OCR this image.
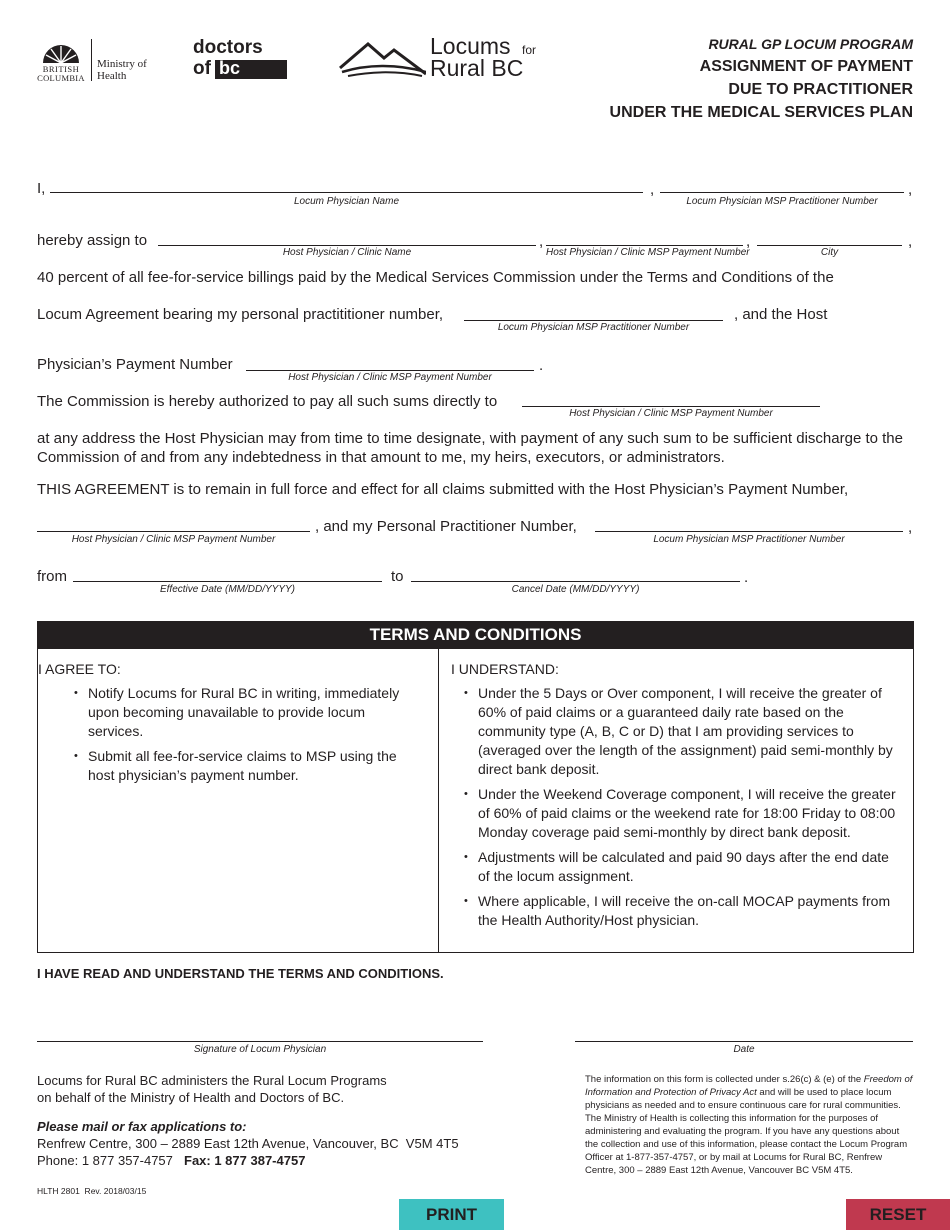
BRITISH
COLUMBIA
Ministry of
Health
doctors
of bc
Locums for
Rural BC
RURAL GP LOCUM PROGRAM
ASSIGNMENT OF PAYMENT
DUE TO PRACTITIONER
UNDER THE MEDICAL SERVICES PLAN
I,
Locum Physician Name
,
Locum Physician MSP Practitioner Number
,
hereby assign to
Host Physician / Clinic Name
,
Host Physician / Clinic MSP Payment Number
,
City
,
40 percent of all fee-for-service billings paid by the Medical Services Commission under the Terms and Conditions of the
Locum Agreement bearing my personal practititioner number,
Locum Physician MSP Practitioner Number
, and the Host
Physician’s Payment Number
Host Physician / Clinic MSP Payment Number
.
The Commission is hereby authorized to pay all such sums directly to
Host Physician / Clinic MSP Payment Number
at any address the Host Physician may from time to time designate, with payment of any such sum to be sufficient discharge to the
Commission of and from any indebtedness in that amount to me, my heirs, executors, or administrators.
THIS AGREEMENT is to remain in full force and effect for all claims submitted with the Host Physician’s Payment Number,
Host Physician / Clinic MSP Payment Number
, and my Personal Practitioner Number,
Locum Physician MSP Practitioner Number
,
from
Effective Date (MM/DD/YYYY)
to
Cancel Date (MM/DD/YYYY)
.
TERMS AND CONDITIONS
I AGREE TO:
• Notify Locums for Rural BC in writing, immediately upon becoming unavailable to provide locum services.
• Submit all fee-for-service claims to MSP using the host physician’s payment number.
I UNDERSTAND:
• Under the 5 Days or Over component, I will receive the greater of 60% of paid claims or a guaranteed daily rate based on the community type (A, B, C or D) that I am providing services to (averaged over the length of the assignment) paid semi-monthly by direct bank deposit.
• Under the Weekend Coverage component, I will receive the greater of 60% of paid claims or the weekend rate for 18:00 Friday to 08:00 Monday coverage paid semi-monthly by direct bank deposit.
• Adjustments will be calculated and paid 90 days after the end date of the locum assignment.
• Where applicable, I will receive the on-call MOCAP payments from the Health Authority/Host physician.
I HAVE READ AND UNDERSTAND THE TERMS AND CONDITIONS.
Signature of Locum Physician	Date
Locums for Rural BC administers the Rural Locum Programs
on behalf of the Ministry of Health and Doctors of BC.
Please mail or fax applications to:
Renfrew Centre, 300 – 2889 East 12th Avenue, Vancouver, BC  V5M 4T5
Phone: 1 877 357-4757 Fax: 1 877 387-4757
HLTH 2801  Rev. 2018/03/15
The information on this form is collected under s.26(c) & (e) of the Freedom of Information and Protection of Privacy Act and will be used to place locum physicians as needed and to ensure continuous care for rural communities. The Ministry of Health is collecting this information for the purposes of administering and evaluating the program. If you have any questions about the collection and use of this information, please contact the Locum Program Officer at 1-877-357-4757, or by mail at Locums for Rural BC, Renfrew Centre, 300 – 2889 East 12th Avenue, Vancouver BC V5M 4T5.
PRINT	RESET
